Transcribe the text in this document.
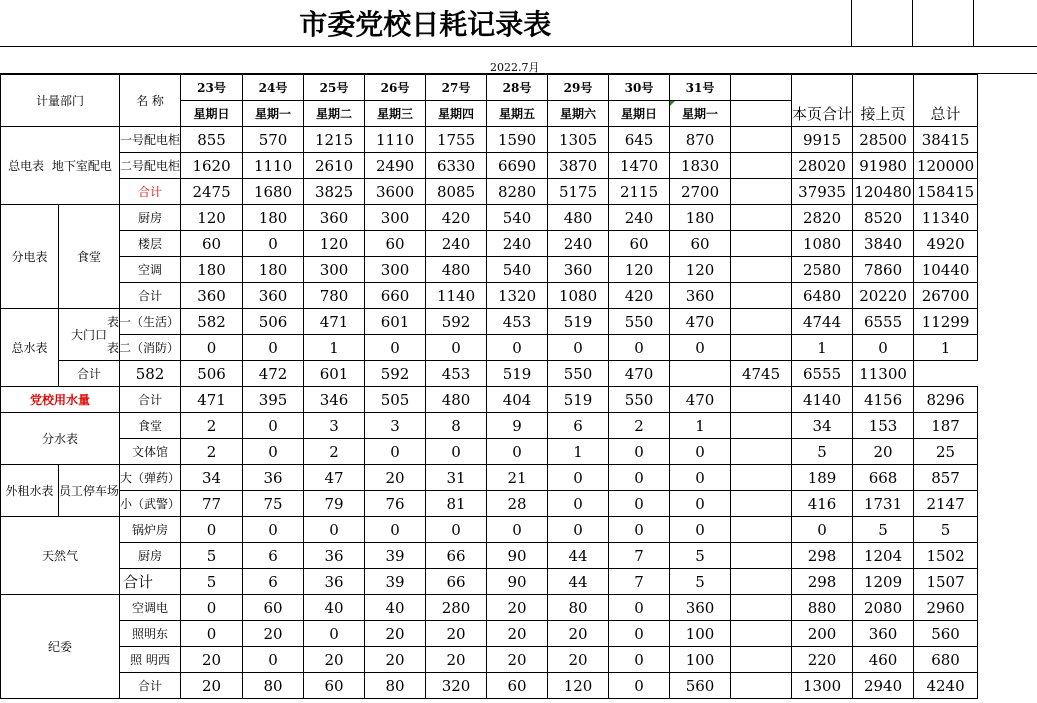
市委党校日耗记录表			
2022.7月
计量部门		名 称	23号	24号	25号	26号	27号	28号	29号	30号	31号		本页合计	接上页	总计
			星期日	星期一	星期二	星期三	星期四	星期五	星期六	星期日	星期一				

总电表 地下室配电		一号配电柜	855	570	1215	1110	1755	1590	1305	645	870		9915	28500	38415
		二号配电柜	1620	1110	2610	2490	6330	6690	3870	1470	1830		28020	91980	120000
		合计	2475	1680	3825	3600	8085	8280	5175	2115	2700		37935	120480	158415
分电表	食堂	厨房	120	180	360	300	420	540	480	240	180		2820	8520	11340
		楼层	60	0	120	60	240	240	240	60	60		1080	3840	4920
		空调	180	180	300	300	480	540	360	120	120		2580	7860	10440
		合计	360	360	780	660	1140	1320	1080	420	360		6480	20220	26700
总水表	大门口	表一（生活）	582	506	471	601	592	453	519	550	470		4744	6555	11299

		表二（消防）	0	0	1	0	0	0	0	0	0		1	0	1
	合计	582	506	472	601	592	453	519	550	470		4745	6555	11300	
党校用水量		合计	471	395	346	505	480	404	519	550	470		4140	4156	8296
分水表		食堂	2	0	3	3	8	9	6	2	1		34	153	187
		文体馆	2	0	2	0	0	0	1	0	0		5	20	25
外租水表	员工停车场	大（弹药）	34	36	47	20	31	21	0	0	0		189	668	857
		小（武警）	77	75	79	76	81	28	0	0	0		416	1731	2147
天然气		锅炉房	0	0	0	0	0	0	0	0	0		0	5	5
		厨房	5	6	36	39	66	90	44	7	5		298	1204	1502
		合计	5	6	36	39	66	90	44	7	5		298	1209	1507
纪委		空调电	0	60	40	40	280	20	80	0	360		880	2080	2960
		照明东	0	20	0	20	20	20	20	0	100		200	360	560
		照 明西	20	0	20	20	20	20	20	0	100		220	460	680
		合计	20	80	60	80	320	60	120	0	560		1300	2940	4240
